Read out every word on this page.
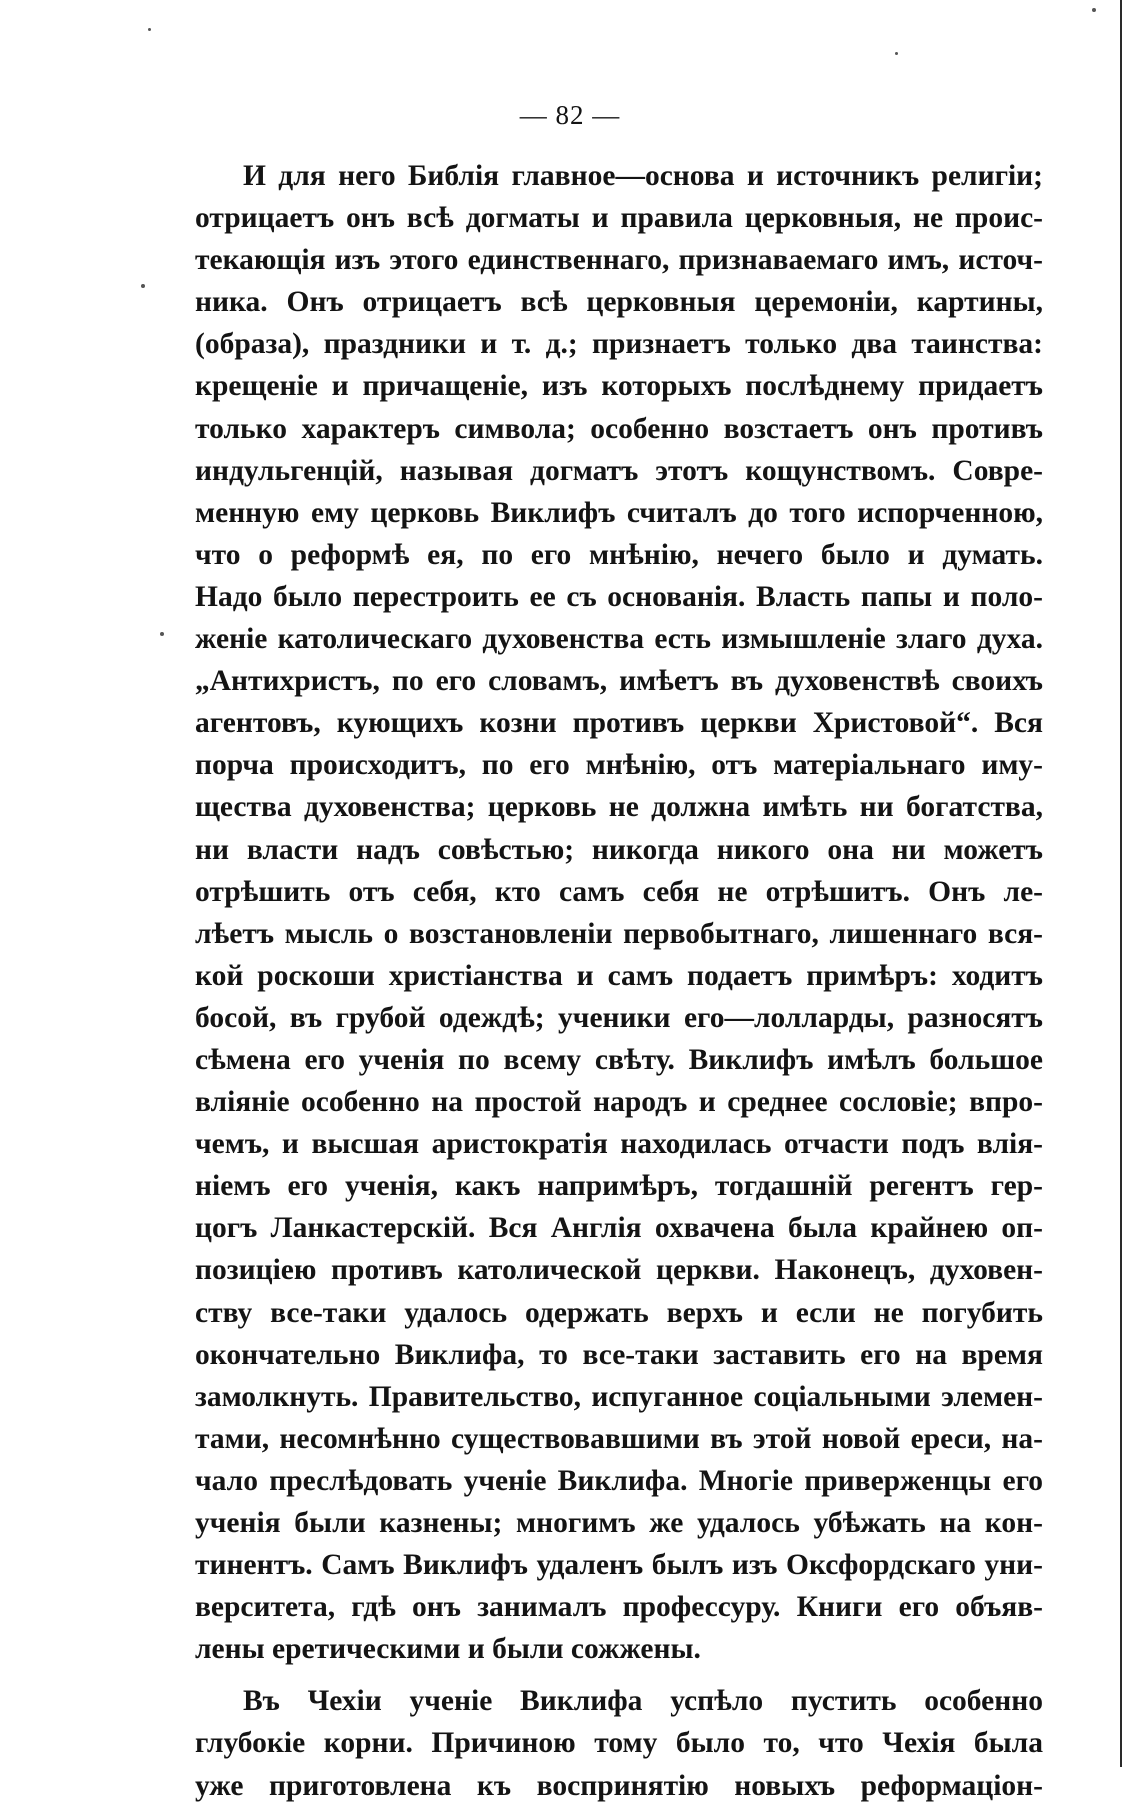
— 82 —
И для него Библія главное—основа и источникъ религіи;
отрицаетъ онъ всѣ догматы и правила церковныя, не проис-
текающія изъ этого единственнаго, признаваемаго имъ, источ-
ника. Онъ отрицаетъ всѣ церковныя церемоніи, картины,
(образа), праздники и т. д.; признаетъ только два таинства:
крещеніе и причащеніе, изъ которыхъ послѣднему придаетъ
только характеръ символа; особенно возстаетъ онъ противъ
индульгенцій, называя догматъ этотъ кощунствомъ. Совре-
менную ему церковь Виклифъ считалъ до того испорченною,
что о реформѣ ея, по его мнѣнію, нечего было и думать.
Надо было перестроить ее съ основанія. Власть папы и поло-
женіе католическаго духовенства есть измышленіе злаго духа.
„Антихристъ, по его словамъ, имѣетъ въ духовенствѣ своихъ
агентовъ, кующихъ козни противъ церкви Христовой“. Вся
порча происходитъ, по его мнѣнію, отъ матеріальнаго иму-
щества духовенства; церковь не должна имѣть ни богатства,
ни власти надъ совѣстью; никогда никого она ни можетъ
отрѣшить отъ себя, кто самъ себя не отрѣшитъ. Онъ ле-
лѣетъ мысль о возстановленіи первобытнаго, лишеннаго вся-
кой роскоши христіанства и самъ подаетъ примѣръ: ходитъ
босой, въ грубой одеждѣ; ученики его—лолларды, разносятъ
сѣмена его ученія по всему свѣту. Виклифъ имѣлъ большое
вліяніе особенно на простой народъ и среднее сословіе; впро-
чемъ, и высшая аристократія находилась отчасти подъ влія-
ніемъ его ученія, какъ напримѣръ, тогдашній регентъ гер-
цогъ Ланкастерскій. Вся Англія охвачена была крайнею оп-
позиціею противъ католической церкви. Наконецъ, духовен-
ству все-таки удалось одержать верхъ и если не погубить
окончательно Виклифа, то все-таки заставить его на время
замолкнуть. Правительство, испуганное соціальными элемен-
тами, несомнѣнно существовавшими въ этой новой ереси, на-
чало преслѣдовать ученіе Виклифа. Многіе приверженцы его
ученія были казнены; многимъ же удалось убѣжать на кон-
тинентъ. Самъ Виклифъ удаленъ былъ изъ Оксфордскаго уни-
верситета, гдѣ онъ занималъ профессуру. Книги его объяв-
лены еретическими и были сожжены.
Въ Чехіи ученіе Виклифа успѣло пустить особенно
глубокіе корни. Причиною тому было то, что Чехія была
уже приготовлена къ воспринятію новыхъ реформаціон-
